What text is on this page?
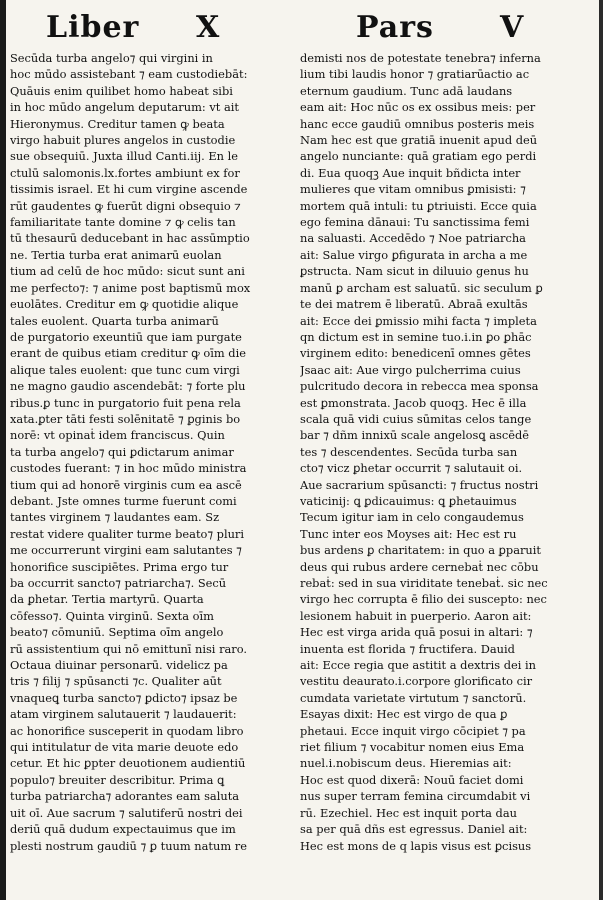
Liber X	Pars V
Secūda turba angelo⁊ qui virgini in
hoc mūdo assistebant ⁊ eam custodiebāt:
Quāuis enim quilibet homo habeat sibi
in hoc mūdo angelum deputarum: vt ait
Hieronymus. Creditur tamen ꝙ beata
virgo habuit plures angelos in custodie
sue obsequiū. Juxta illud Canti.iij. En le
ctulū salomonis.lx.fortes ambiunt ex for
tissimis israel. Et hi cum virgine ascende
rūt gaudentes ꝙ fuerūt digni obsequio ⁊
familiaritate tante domine ⁊ ꝙ celis tan
tū thesaurū deducebant in hac assūmptio
ne. Tertia turba erat animarū euolan
tium ad celū de hoc mūdo: sicut sunt ani
me perfecto⁊: ⁊ anime post baptismū mox
euolātes. Creditur em ꝙ quotidie alique
tales euolent. Quarta turba animarū
de purgatorio exeuntiū que iam purgate
erant de quibus etiam creditur ꝙ oīm die
alique tales euolent: que tunc cum virgi
ne magno gaudio ascendebāt: ⁊ forte plu
ribus.ꝑ tunc in purgatorio fuit pena rela
xata.ꝑter tāti festi solēnitatē ⁊ ꝑginis bo
norē: vt opinaṫ idem franciscus. Quin
ta turba angelo⁊ qui ꝑdictarum animar
custodes fuerant: ⁊ in hoc mūdo ministra
tium qui ad honorē virginis cum ea ascē
debant. Jste omnes turme fuerunt comi
tantes virginem ⁊ laudantes eam. Sz
restat videre qualiter turme beato⁊ pluri
me occurrerunt virgini eam salutantes ⁊
honorifice suscipiētes. Prima ergo tur
ba occurrit sancto⁊ patriarcha⁊. Secū
da ꝑhetar. Tertia martyrū. Quarta
cōfesso⁊. Quinta virginū. Sexta oīm
beato⁊ cōmuniū. Septima oīm angelo
rū assistentium qui nō emittunī nisi raro.
Octaua diuinar personarū. videlicz pa
tris ⁊ filij ⁊ spūsancti ⁊c. Qualiter aūt
vnaqueꝗ turba sancto⁊ ꝑdicto⁊ ipsaz be
atam virginem salutauerit ⁊ laudauerit:
ac honorifice susceperit in quodam libro
qui intitulatur de vita marie deuote edo
cetur. Et hic ꝑpter deuotionem audientiū
populo⁊ breuiter describitur. Prima ꝗ
turba patriarcha⁊ adorantes eam saluta
uit oī. Aue sacrum ⁊ salutiferū nostri dei
deriū quā dudum expectauimus que im
plesti nostrum gaudiū ⁊ ꝑ tuum natum re
demisti nos de potestate tenebra⁊ inferna
lium tibi laudis honor ⁊ gratiarūactio ac
eternum gaudium. Tunc adā laudans
eam ait: Hoc nūc os ex ossibus meis: per
hanc ecce gaudiū omnibus posteris meis
Nam hec est que gratiā inuenit apud deū
angelo nunciante: quā gratiam ego perdi
di. Eua quoqꝫ Aue inquit bñdicta inter
mulieres que vitam omnibus ꝑmisisti: ⁊
mortem quā intuli: tu ꝑtriuisti. Ecce quia
ego femina dānaui: Tu sanctissima femi
na saluasti. Accedēdo ⁊ Noe patriarcha
ait: Salue virgo ꝑfigurata in archa a me
ꝑstructa. Nam sicut in diluuio genus hu
manū ꝑ archam est saluatū. sic seculum ꝑ
te dei matrem ē liberatū. Abraā exultās
ait: Ecce dei ꝑmissio mihi facta ⁊ impleta
qn dictum est in semine tuo.i.in ꝑo ꝑhāc
virginem edito: benedicenī omnes gētes
Jsaac ait: Aue virgo pulcherrima cuius
pulcritudo decora in rebecca mea sponsa
est ꝑmonstrata. Jacob quoqꝫ. Hec ē illa
scala quā vidi cuius sūmitas celos tange
bar ⁊ dñm innixū scale angelosꝗ ascēdē
tes ⁊ descendentes. Secūda turba san
cto⁊ vicz ꝑhetar occurrit ⁊ salutauit oi.
Aue sacrarium spūsancti: ⁊ fructus nostri
vaticinij: ꝗ ꝑdicauimus: ꝗ ꝑhetauimus
Tecum igitur iam in celo congaudemus
Tunc inter eos Moyses ait: Hec est ru
bus ardens ꝑ charitatem: in quo a ꝑparuit
deus qui rubus ardere cernebaṫ nec cōbu
rebaṫ: sed in sua viriditate tenebaṫ. sic nec
virgo hec corrupta ē filio dei suscepto: nec
lesionem habuit in puerperio. Aaron ait:
Hec est virga arida quā posui in altari: ⁊
inuenta est florida ⁊ fructifera. Dauid
ait: Ecce regia que astitit a dextris dei in
vestitu deaurato.i.corpore glorificato cir
cumdata varietate virtutum ⁊ sanctorū.
Esayas dixit: Hec est virgo de qua ꝑ
phetaui. Ecce inquit virgo cōcipiet ⁊ pa
riet filium ⁊ vocabitur nomen eius Ema
nuel.i.nobiscum deus. Hieremias ait:
Hoc est quod dixerā: Nouū faciet domi
nus super terram femina circumdabit vi
rū. Ezechiel. Hec est inquit porta dau
sa per quā dñs est egressus. Daniel ait:
Hec est mons de q lapis visus est ꝑcisus
